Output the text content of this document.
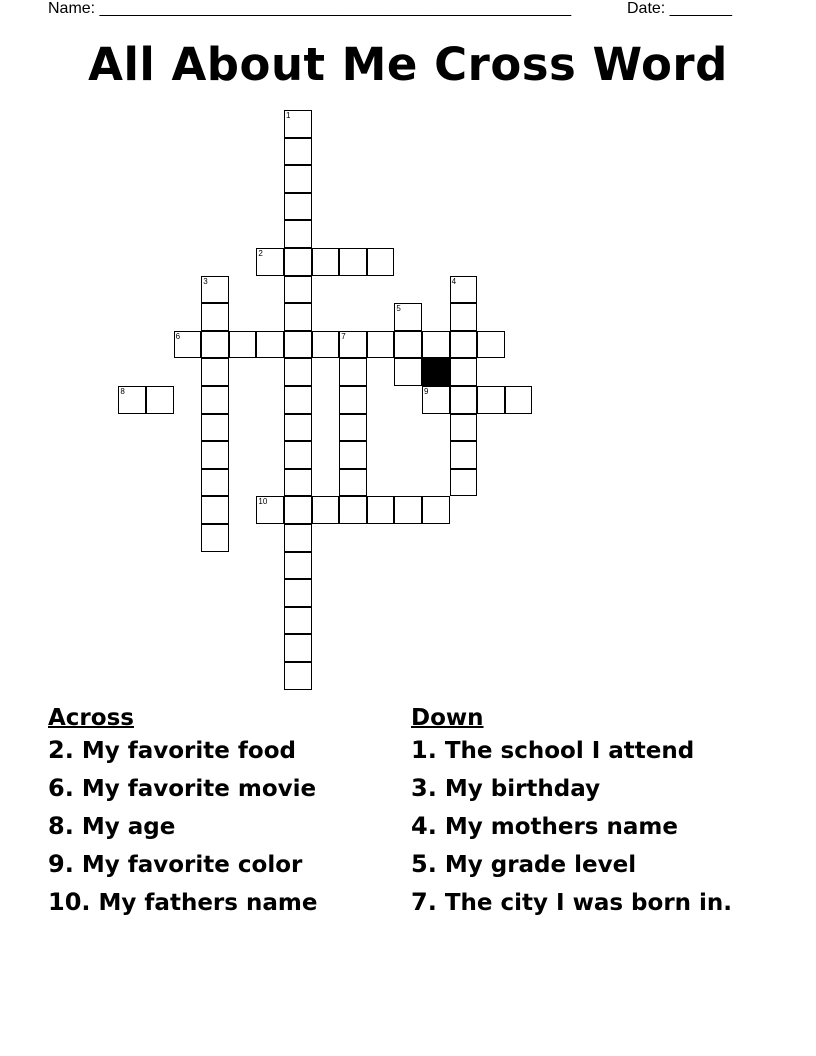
Name: _____________________________________________________	Date: _______
All About Me Cross Word
1
2
3	4
5
6	7
8	9
10
Across
2. My favorite food
6. My favorite movie
8. My age
9. My favorite color
10. My fathers name
Down
1. The school I attend
3. My birthday
4. My mothers name
5. My grade level
7. The city I was born in.
